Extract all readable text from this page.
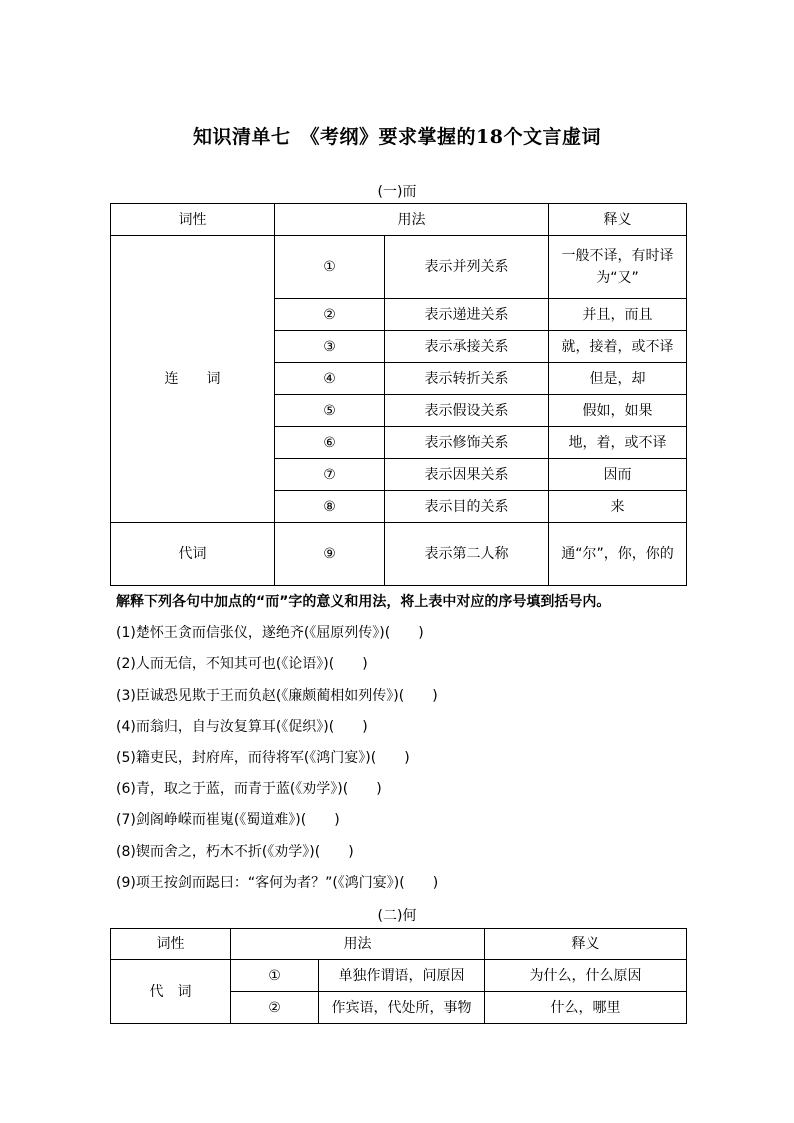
知识清单七　《考纲》要求掌握的18个文言虚词
(一)而
词性	用法		释义
连　　词	①	表示并列关系	一般不译，有时译为“又”
	②	表示递进关系	并且，而且
	③	表示承接关系	就，接着，或不译
	④	表示转折关系	但是，却
	⑤	表示假设关系	假如，如果
	⑥	表示修饰关系	地，着，或不译
	⑦	表示因果关系	因而
	⑧	表示目的关系	来
代词	⑨	表示第二人称	通“尔”，你，你的
解释下列各句中加点的“而”字的意义和用法，将上表中对应的序号填到括号内。
(1)楚怀王贪而信张仪，遂绝齐(《屈原列传》)(　　)
(2)人而无信，不知其可也(《论语》)(　　)
(3)臣诚恐见欺于王而负赵(《廉颇蔺相如列传》)(　　)
(4)而翁归，自与汝复算耳(《促织》)(　　)
(5)籍吏民，封府库，而待将军(《鸿门宴》)(　　)
(6)青，取之于蓝，而青于蓝(《劝学》)(　　)
(7)剑阁峥嵘而崔嵬(《蜀道难》)(　　)
(8)锲而舍之，朽木不折(《劝学》)(　　)
(9)项王按剑而跽曰：“客何为者？”(《鸿门宴》)(　　)
(二)何
词性	用法		释义
代　词	①	单独作谓语，问原因	为什么，什么原因
	②	作宾语，代处所，事物	什么，哪里
